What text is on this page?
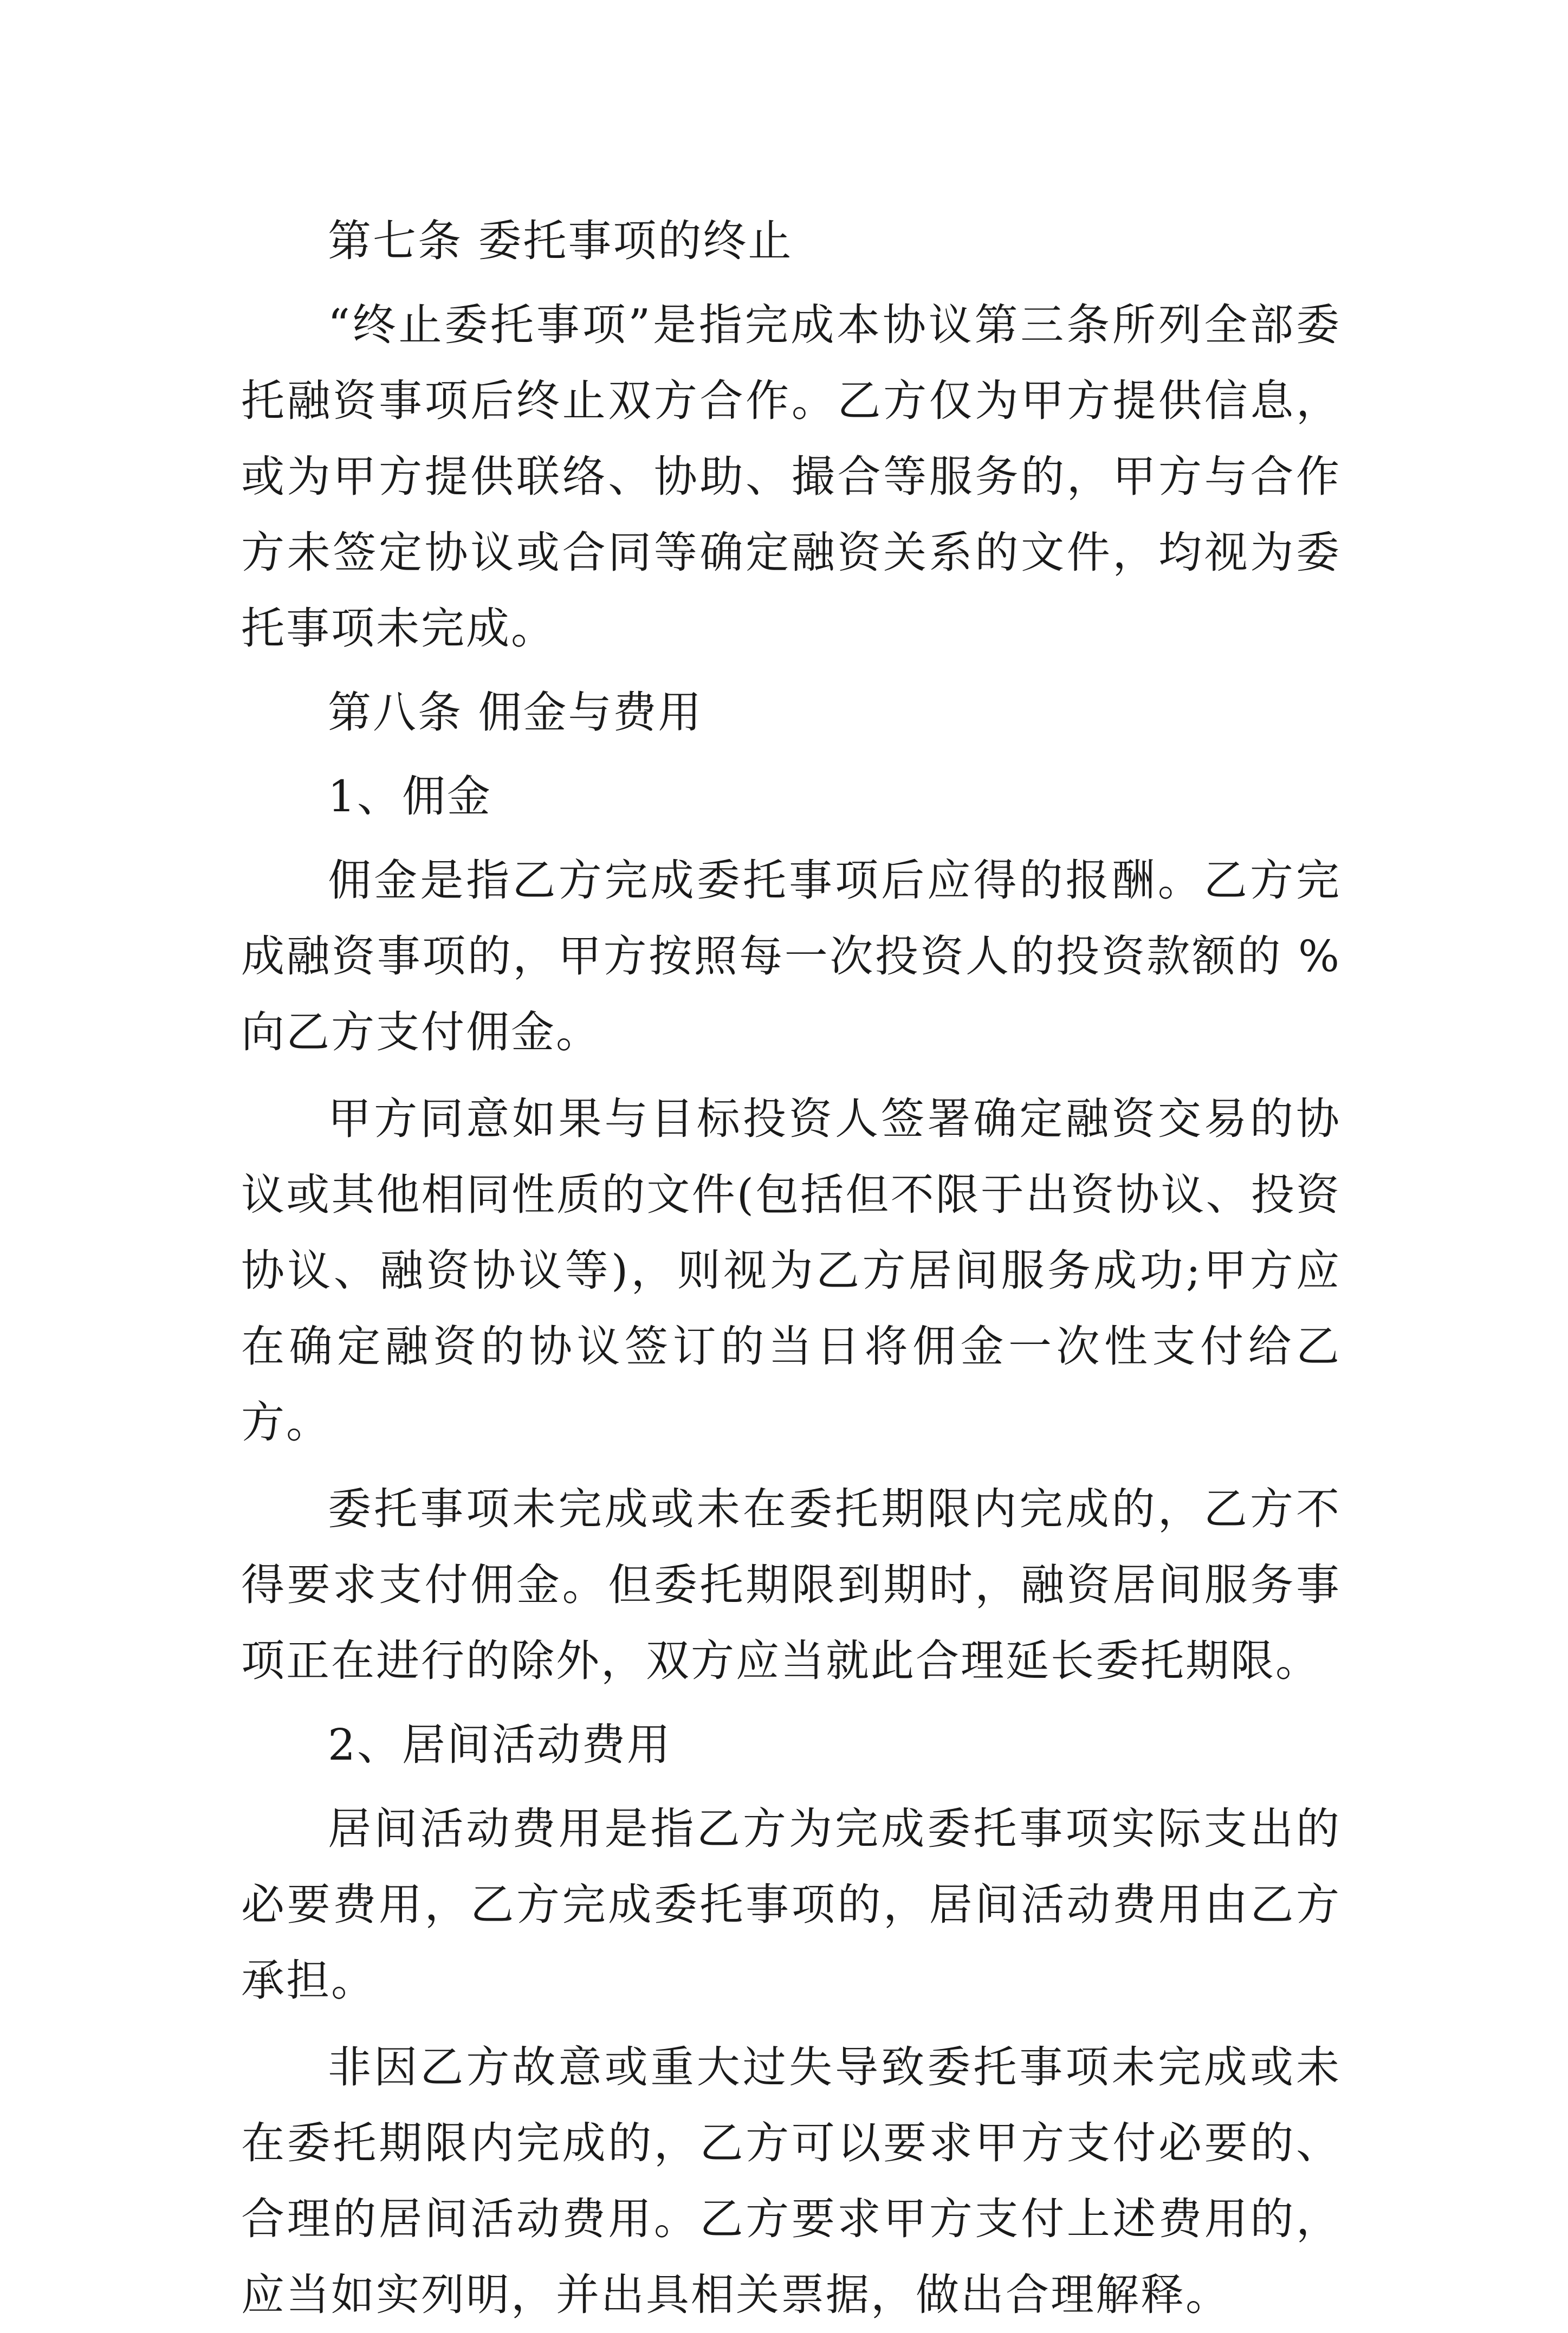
第七条 委托事项的终止

“终止委托事项”是指完成本协议第三条所列全部委托融资事项后终止双方合作。乙方仅为甲方提供信息，或为甲方提供联络、协助、撮合等服务的，甲方与合作方未签定协议或合同等确定融资关系的文件，均视为委托事项未完成。

第八条 佣金与费用

1、佣金

佣金是指乙方完成委托事项后应得的报酬。乙方完成融资事项的，甲方按照每一次投资人的投资款额的 %向乙方支付佣金。

甲方同意如果与目标投资人签署确定融资交易的协议或其他相同性质的文件(包括但不限于出资协议、投资协议、融资协议等)，则视为乙方居间服务成功;甲方应在确定融资的协议签订的当日将佣金一次性支付给乙方。

委托事项未完成或未在委托期限内完成的，乙方不得要求支付佣金。但委托期限到期时，融资居间服务事项正在进行的除外，双方应当就此合理延长委托期限。

2、居间活动费用

居间活动费用是指乙方为完成委托事项实际支出的必要费用，乙方完成委托事项的，居间活动费用由乙方承担。

非因乙方故意或重大过失导致委托事项未完成或未在委托期限内完成的，乙方可以要求甲方支付必要的、合理的居间活动费用。乙方要求甲方支付上述费用的，应当如实列明，并出具相关票据，做出合理解释。
